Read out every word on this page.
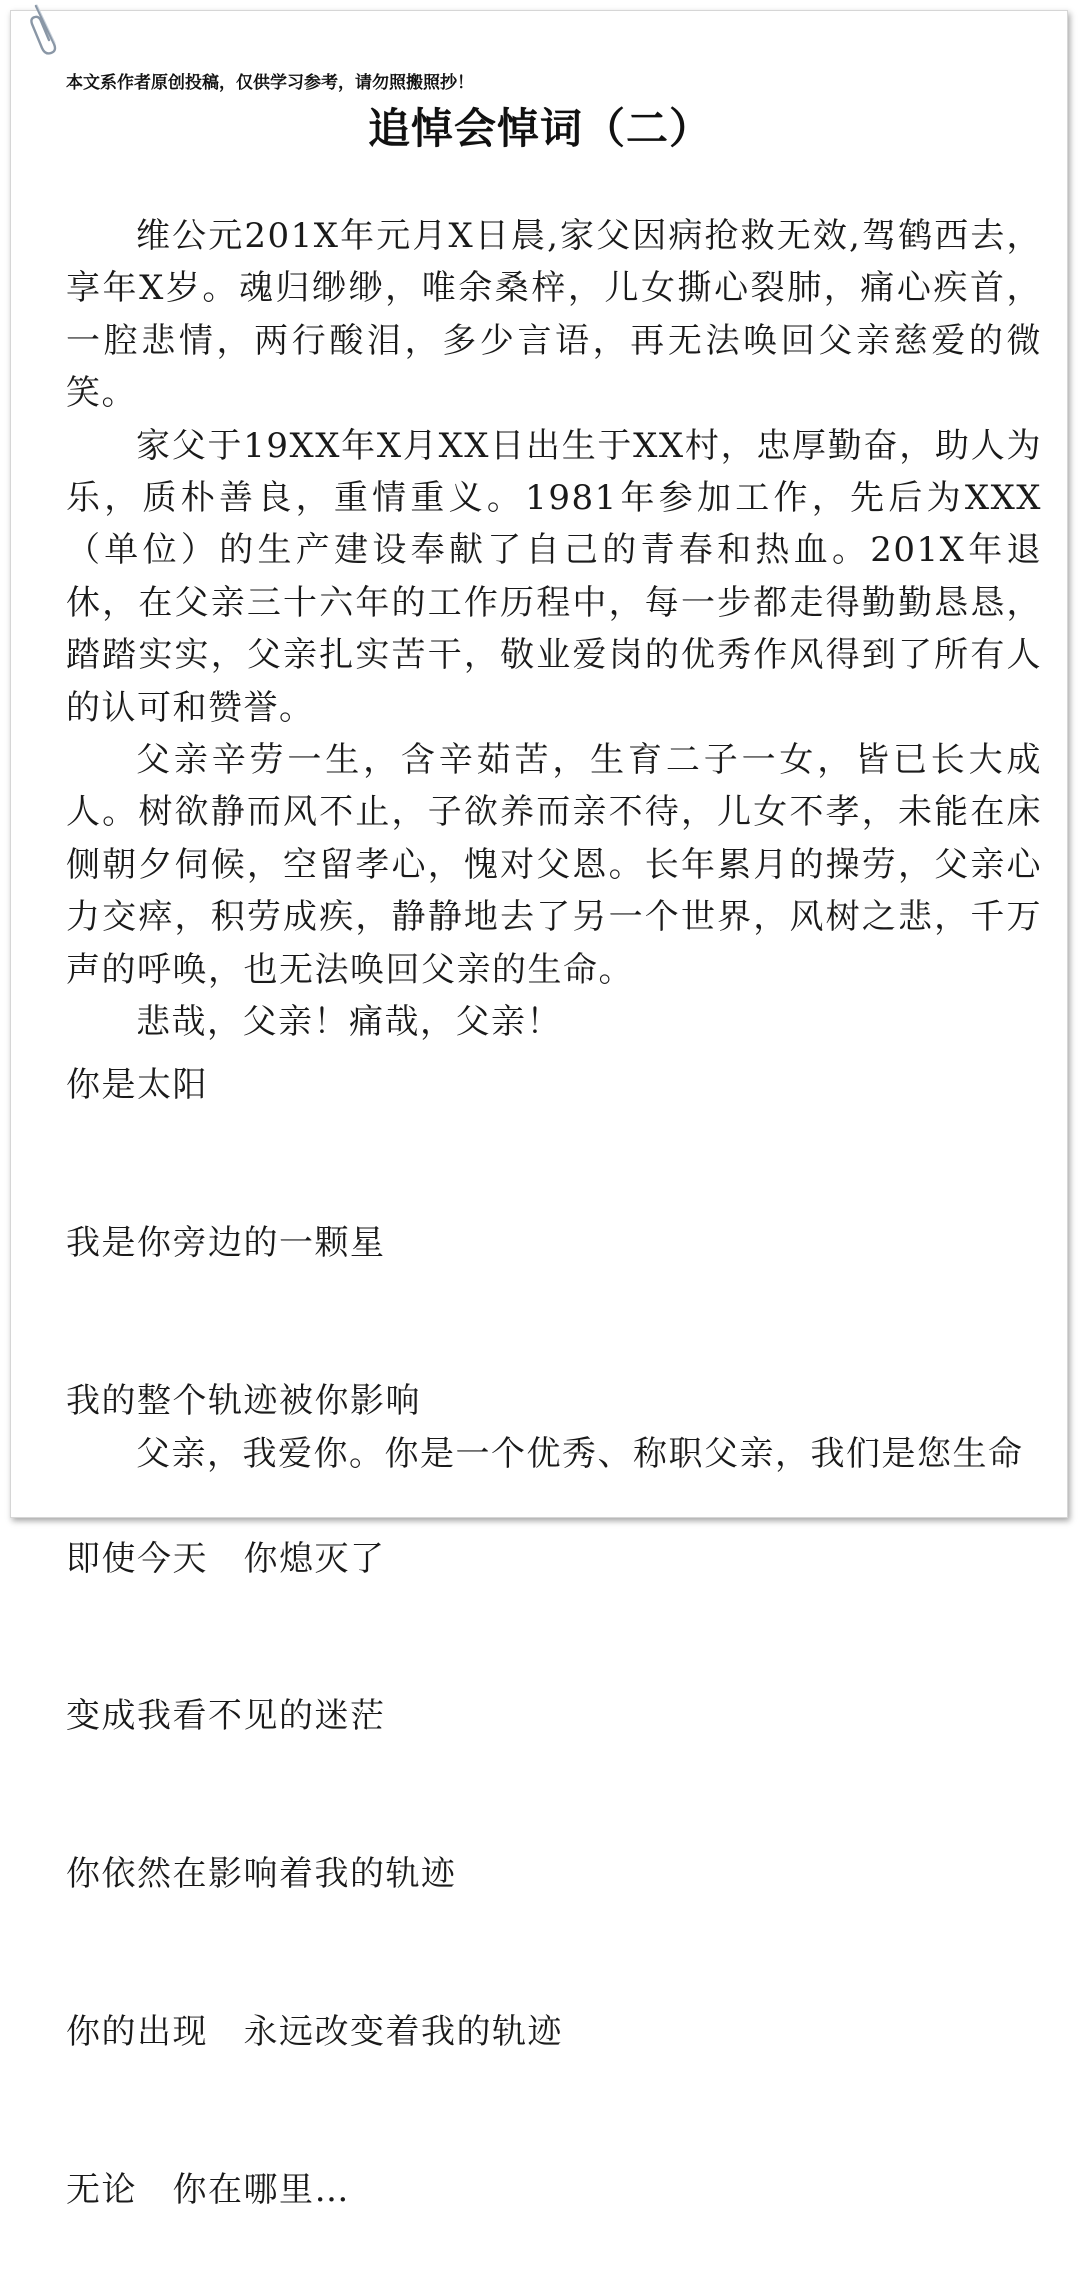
本文系作者原创投稿，仅供学习参考，请勿照搬照抄！
追悼会悼词（二）

维公元201X年元月X日晨,家父因病抢救无效,驾鹤西去，享年X岁。魂归缈缈，唯余桑梓，儿女撕心裂肺，痛心疾首，一腔悲情，两行酸泪，多少言语，再无法唤回父亲慈爱的微笑。

家父于19XX年X月XX日出生于XX村，忠厚勤奋，助人为乐，质朴善良，重情重义。1981年参加工作，先后为XXX（单位）的生产建设奉献了自己的青春和热血。201X年退休，在父亲三十六年的工作历程中，每一步都走得勤勤恳恳，踏踏实实，父亲扎实苦干，敬业爱岗的优秀作风得到了所有人的认可和赞誉。

父亲辛劳一生，含辛茹苦，生育二子一女，皆已长大成人。树欲静而风不止，子欲养而亲不待，儿女不孝，未能在床侧朝夕伺候，空留孝心，愧对父恩。长年累月的操劳，父亲心力交瘁，积劳成疾，静静地去了另一个世界，风树之悲，千万声的呼唤，也无法唤回父亲的生命。

悲哉，父亲！痛哉，父亲！

你是太阳

我是你旁边的一颗星

我的整个轨迹被你影响

即使今天　你熄灭了

变成我看不见的迷茫

你依然在影响着我的轨迹

你的出现　永远改变着我的轨迹

无论　你在哪里…

父亲，我爱你。你是一个优秀、称职父亲，我们是您生命
